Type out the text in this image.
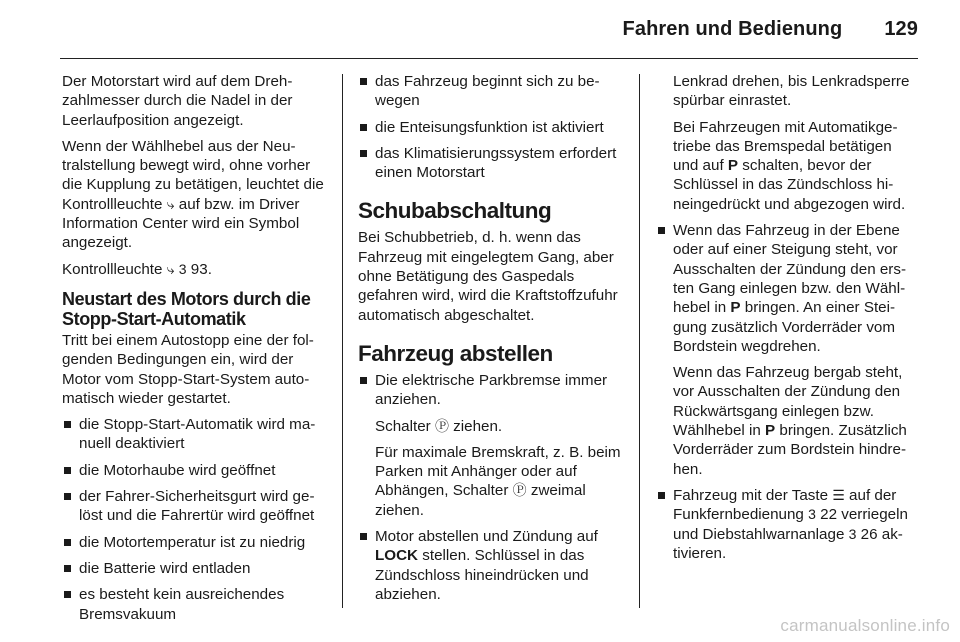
Fahren und Bedienung 129

Der Motorstart wird auf dem Drehzahlmesser durch die Nadel in der Leerlaufposition angezeigt.

Wenn der Wählhebel aus der Neutralstellung bewegt wird, ohne vorher die Kupplung zu betätigen, leuchtet die Kontrollleuchte ⤷ auf bzw. im Driver Information Center wird ein Symbol angezeigt.

Kontrollleuchte ⤷ 3 93.

Neustart des Motors durch die Stopp-Start-Automatik

Tritt bei einem Autostopp eine der folgenden Bedingungen ein, wird der Motor vom Stopp-Start-System automatisch wieder gestartet.

die Stopp-Start-Automatik wird manuell deaktiviert
die Motorhaube wird geöffnet
der Fahrer-Sicherheitsgurt wird gelöst und die Fahrertür wird geöffnet
die Motortemperatur ist zu niedrig
die Batterie wird entladen
es besteht kein ausreichendes Bremsvakuum
das Fahrzeug beginnt sich zu bewegen
die Enteisungsfunktion ist aktiviert
das Klimatisierungssystem erfordert einen Motorstart
Schubabschaltung

Bei Schubbetrieb, d. h. wenn das Fahrzeug mit eingelegtem Gang, aber ohne Betätigung des Gaspedals gefahren wird, wird die Kraftstoffzufuhr automatisch abgeschaltet.

Fahrzeug abstellen
Die elektrische Parkbremse immer anziehen.
Schalter Ⓟ ziehen.
Für maximale Bremskraft, z. B. beim Parken mit Anhänger oder auf Abhängen, Schalter Ⓟ zweimal ziehen.
Motor abstellen und Zündung auf LOCK stellen. Schlüssel in das Zündschloss hineindrücken und abziehen.
Lenkrad drehen, bis Lenkradsperre spürbar einrastet.
Bei Fahrzeugen mit Automatikgetriebe das Bremspedal betätigen und auf P schalten, bevor der Schlüssel in das Zündschloss hineingedrückt und abgezogen wird.
Wenn das Fahrzeug in der Ebene oder auf einer Steigung steht, vor Ausschalten der Zündung den ersten Gang einlegen bzw. den Wählhebel in P bringen. An einer Steigung zusätzlich Vorderräder vom Bordstein wegdrehen.
Wenn das Fahrzeug bergab steht, vor Ausschalten der Zündung den Rückwärtsgang einlegen bzw. Wählhebel in P bringen. Zusätzlich Vorderräder zum Bordstein hindrehen.
Fahrzeug mit der Taste ☰ auf der Funkfernbedienung 3 22 verriegeln und Diebstahlwarnanlage 3 26 aktivieren.
carmanualsonline.info
